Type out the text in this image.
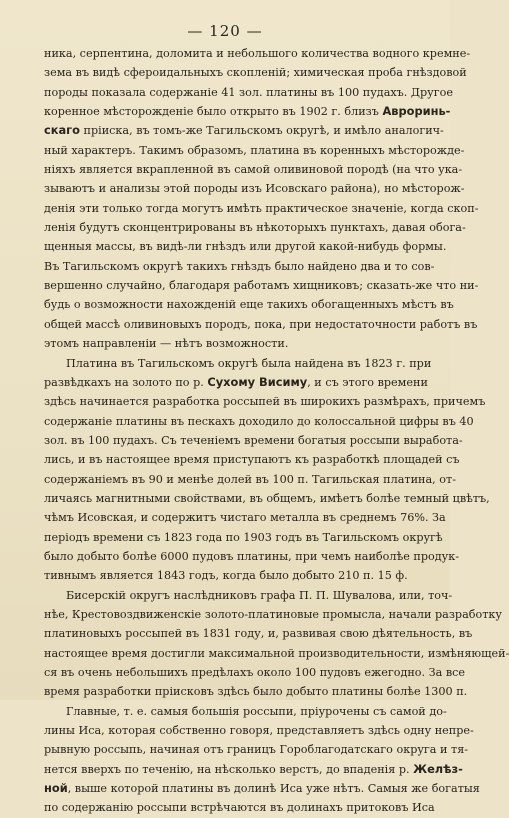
— 120 —
ника, серпентина, доломита и небольшого количества водного кремне-
зема въ видѣ сфероидальныхъ скопленій; химическая проба гнѣздовой
породы показала содержаніе 41 зол. платины въ 100 пудахъ. Другое
коренное мѣсторожденіе было открыто въ 1902 г. близъ Авроринь-
скаго пріиска, въ томъ-же Тагильскомъ округѣ, и имѣло аналогич-
ный характеръ. Такимъ образомъ, платина въ коренныхъ мѣсторожде-
ніяхъ является вкрапленной въ самой оливиновой породѣ (на что ука-
зываютъ и анализы этой породы изъ Исовскаго района), но мѣсторож-
денія эти только тогда могутъ имѣть практическое значеніе, когда скоп-
ленія будутъ сконцентрированы въ нѣкоторыхъ пунктахъ, давая обога-
щенныя массы, въ видѣ-ли гнѣздъ или другой какой-нибудь формы.
Въ Тагильскомъ округѣ такихъ гнѣздъ было найдено два и то сов-
вершенно случайно, благодаря работамъ хищниковъ; сказать-же что ни-
будь о возможности нахожденій еще такихъ обогащенныхъ мѣстъ въ
общей массѣ оливиновыхъ породъ, пока, при недостаточности работъ въ
этомъ направленіи — нѣтъ возможности.
Платина въ Тагильскомъ округѣ была найдена въ 1823 г. при
развѣдкахъ на золото по р. Сухому Висиму, и съ этого времени
здѣсь начинается разработка россыпей въ широкихъ размѣрахъ, причемъ
содержаніе платины въ пескахъ доходило до колоссальной цифры въ 40
зол. въ 100 пудахъ. Съ теченіемъ времени богатыя россыпи выработа-
лись, и въ настоящее время приступаютъ къ разработкѣ площадей съ
содержаніемъ въ 90 и менѣе долей въ 100 п. Тагильская платина, от-
личаясь магнитными свойствами, въ общемъ, имѣетъ болѣе темный цвѣтъ,
чѣмъ Исовская, и содержитъ чистаго металла въ среднемъ 76%. За
періодъ времени съ 1823 года по 1903 годъ въ Тагильскомъ округѣ
было добыто болѣе 6000 пудовъ платины, при чемъ наиболѣе продук-
тивнымъ является 1843 годъ, когда было добыто 210 п. 15 ф.
Бисерскій округъ наслѣдниковъ графа П. П. Шувалова, или, точ-
нѣе, Крестовоздвиженскіе золото-платиновые промысла, начали разработку
платиновыхъ россыпей въ 1831 году, и, развивая свою дѣятельность, въ
настоящее время достигли максимальной производительности, измѣняющей-
ся въ очень небольшихъ предѣлахъ около 100 пудовъ ежегодно. За все
время разработки пріисковъ здѣсь было добыто платины болѣе 1300 п.
Главные, т. е. самыя большія россыпи, пріурочены съ самой до-
лины Иса, которая собственно говоря, представляетъ здѣсь одну непре-
рывную россыпь, начиная отъ границъ Гороблагодатскаго округа и тя-
нется вверхъ по теченію, на нѣсколько верстъ, до впаденія р. Желѣз-
ной, выше которой платины въ долинѣ Иса уже нѣтъ. Самыя же богатыя
по содержанію россыпи встрѣчаются въ долинахъ притоковъ Иса
